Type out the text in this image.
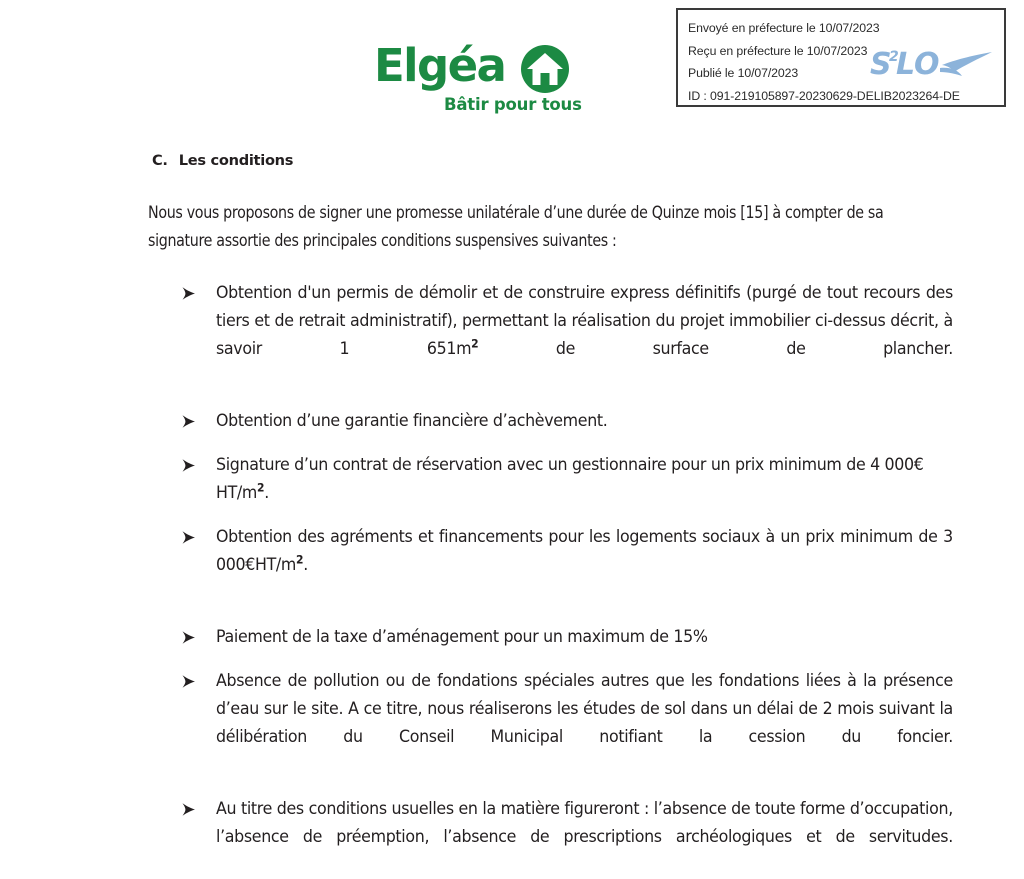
Envoyé en préfecture le 10/07/2023
Reçu en préfecture le 10/07/2023
Publié le 10/07/2023
ID : 091-219105897-20230629-DELIB2023264-DE
S
2
LO
Elgéa
Bâtir pour tous
C. Les conditions

Nous vous proposons de signer une promesse unilatérale d’une durée de Quinze mois [15] à compter de sa signature assortie des principales conditions suspensives suivantes :

Obtention d'un permis de démolir et de construire express définitifs (purgé de tout recours des tiers et de retrait administratif), permettant la réalisation du projet immobilier ci-dessus décrit, à savoir 1 $651m^2$ de surface de plancher.
Obtention d’une garantie financière d’achèvement.
Signature d’un contrat de réservation avec un gestionnaire pour un prix minimum de 4 000€ $HT/m^2$.
Obtention des agréments et financements pour les logements sociaux à un prix minimum de 3 $000€HT/m^2$.
Paiement de la taxe d’aménagement pour un maximum de 15%
Absence de pollution ou de fondations spéciales autres que les fondations liées à la présence d’eau sur le site. A ce titre, nous réaliserons les études de sol dans un délai de 2 mois suivant la délibération du Conseil Municipal notifiant la cession du foncier.
Au titre des conditions usuelles en la matière figureront : l’absence de toute forme d’occupation, l’absence de préemption, l’absence de prescriptions archéologiques et de servitudes.
